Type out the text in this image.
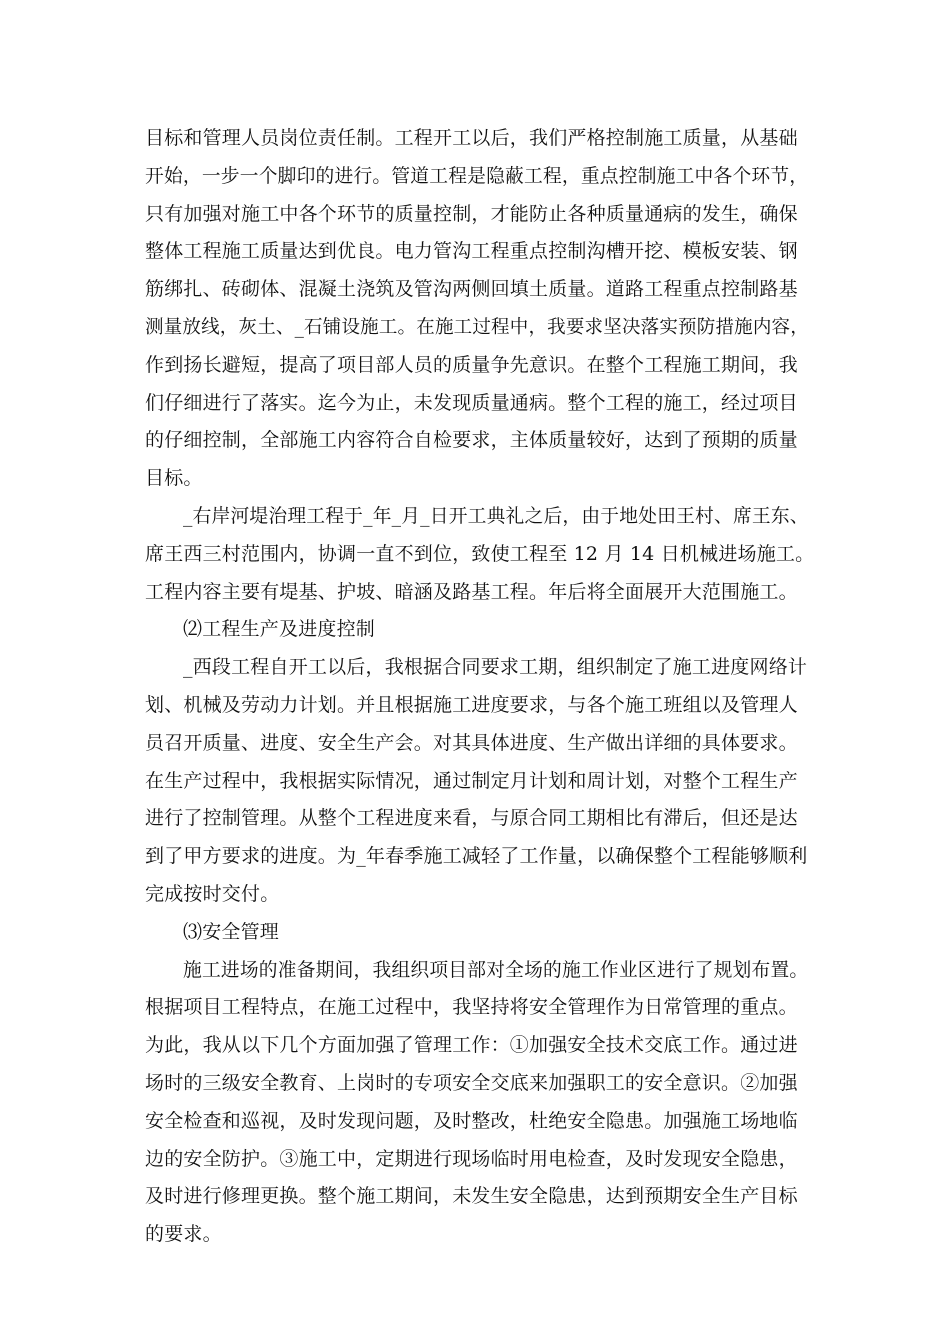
目标和管理人员岗位责任制。工程开工以后，我们严格控制施工质量，从基础
开始，一步一个脚印的进行。管道工程是隐蔽工程，重点控制施工中各个环节，
只有加强对施工中各个环节的质量控制，才能防止各种质量通病的发生，确保
整体工程施工质量达到优良。电力管沟工程重点控制沟槽开挖、模板安装、钢
筋绑扎、砖砌体、混凝土浇筑及管沟两侧回填土质量。道路工程重点控制路基
测量放线，灰土、_石铺设施工。在施工过程中，我要求坚决落实预防措施内容，
作到扬长避短，提高了项目部人员的质量争先意识。在整个工程施工期间，我
们仔细进行了落实。迄今为止，未发现质量通病。整个工程的施工，经过项目
的仔细控制，全部施工内容符合自检要求，主体质量较好，达到了预期的质量
目标。
_右岸河堤治理工程于_年_月_日开工典礼之后，由于地处田王村、席王东、
席王西三村范围内，协调一直不到位，致使工程至 12 月 14 日机械进场施工。
工程内容主要有堤基、护坡、暗涵及路基工程。年后将全面展开大范围施工。
⑵工程生产及进度控制
_西段工程自开工以后，我根据合同要求工期，组织制定了施工进度网络计
划、机械及劳动力计划。并且根据施工进度要求，与各个施工班组以及管理人
员召开质量、进度、安全生产会。对其具体进度、生产做出详细的具体要求。
在生产过程中，我根据实际情况，通过制定月计划和周计划，对整个工程生产
进行了控制管理。从整个工程进度来看，与原合同工期相比有滞后，但还是达
到了甲方要求的进度。为_年春季施工减轻了工作量，以确保整个工程能够顺利
完成按时交付。
⑶安全管理
施工进场的准备期间，我组织项目部对全场的施工作业区进行了规划布置。
根据项目工程特点，在施工过程中，我坚持将安全管理作为日常管理的重点。
为此，我从以下几个方面加强了管理工作：①加强安全技术交底工作。通过进
场时的三级安全教育、上岗时的专项安全交底来加强职工的安全意识。②加强
安全检查和巡视，及时发现问题，及时整改，杜绝安全隐患。加强施工场地临
边的安全防护。③施工中，定期进行现场临时用电检查，及时发现安全隐患，
及时进行修理更换。整个施工期间，未发生安全隐患，达到预期安全生产目标
的要求。
